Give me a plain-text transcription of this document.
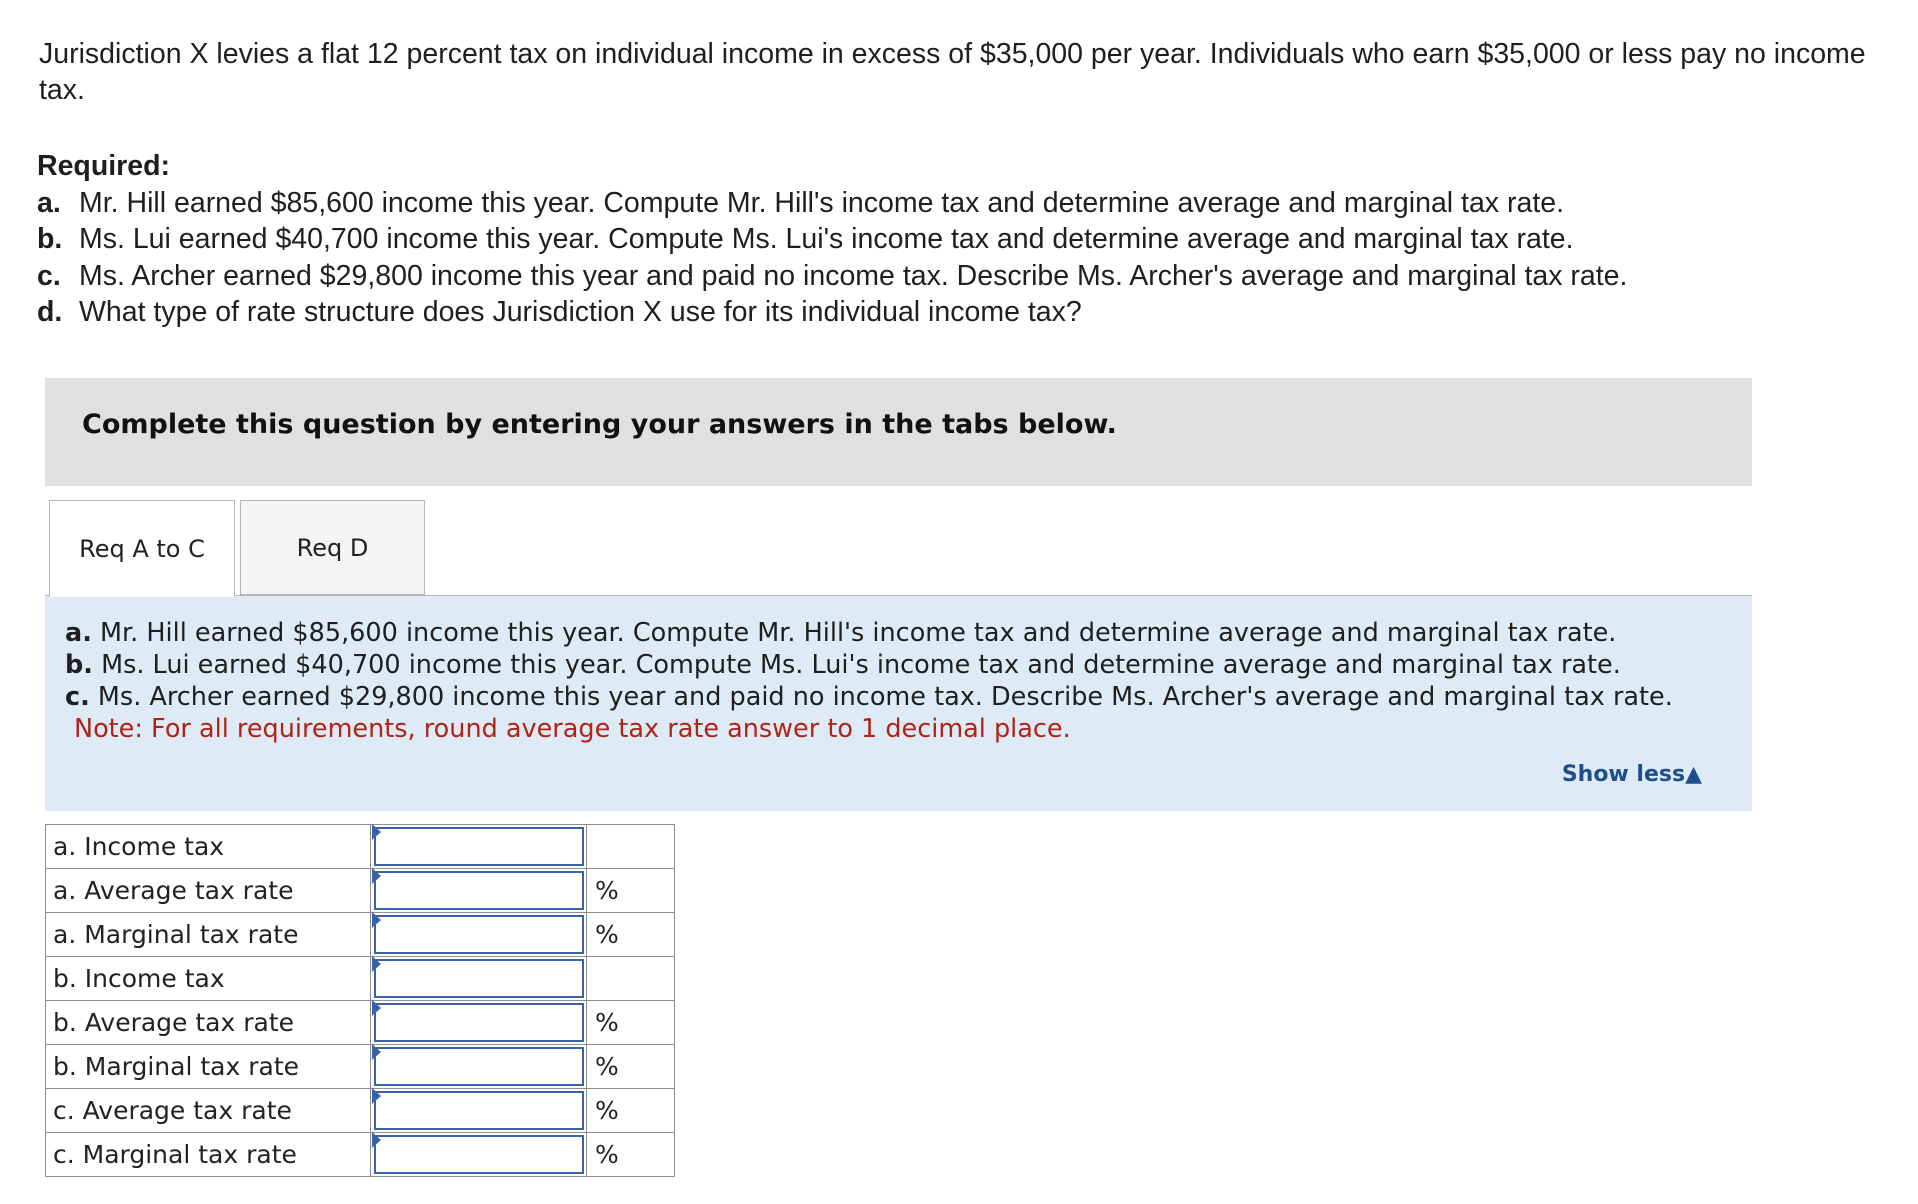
Jurisdiction X levies a flat 12 percent tax on individual income in excess of $35,000 per year. Individuals who earn $35,000 or less pay no income tax.
Required:
a. Mr. Hill earned $85,600 income this year. Compute Mr. Hill's income tax and determine average and marginal tax rate.
b. Ms. Lui earned $40,700 income this year. Compute Ms. Lui's income tax and determine average and marginal tax rate.
c. Ms. Archer earned $29,800 income this year and paid no income tax. Describe Ms. Archer's average and marginal tax rate.
d. What type of rate structure does Jurisdiction X use for its individual income tax?
Complete this question by entering your answers in the tabs below.
Req A to C	Req D
a. Mr. Hill earned $85,600 income this year. Compute Mr. Hill's income tax and determine average and marginal tax rate.
b. Ms. Lui earned $40,700 income this year. Compute Ms. Lui's income tax and determine average and marginal tax rate.
c. Ms. Archer earned $29,800 income this year and paid no income tax. Describe Ms. Archer's average and marginal tax rate.
Note: For all requirements, round average tax rate answer to 1 decimal place.
Show less▲
a. Income tax	

a. Average tax rate		%
a. Marginal tax rate		%
b. Income tax	

b. Average tax rate		%
b. Marginal tax rate		%
c. Average tax rate		%
c. Marginal tax rate		%
